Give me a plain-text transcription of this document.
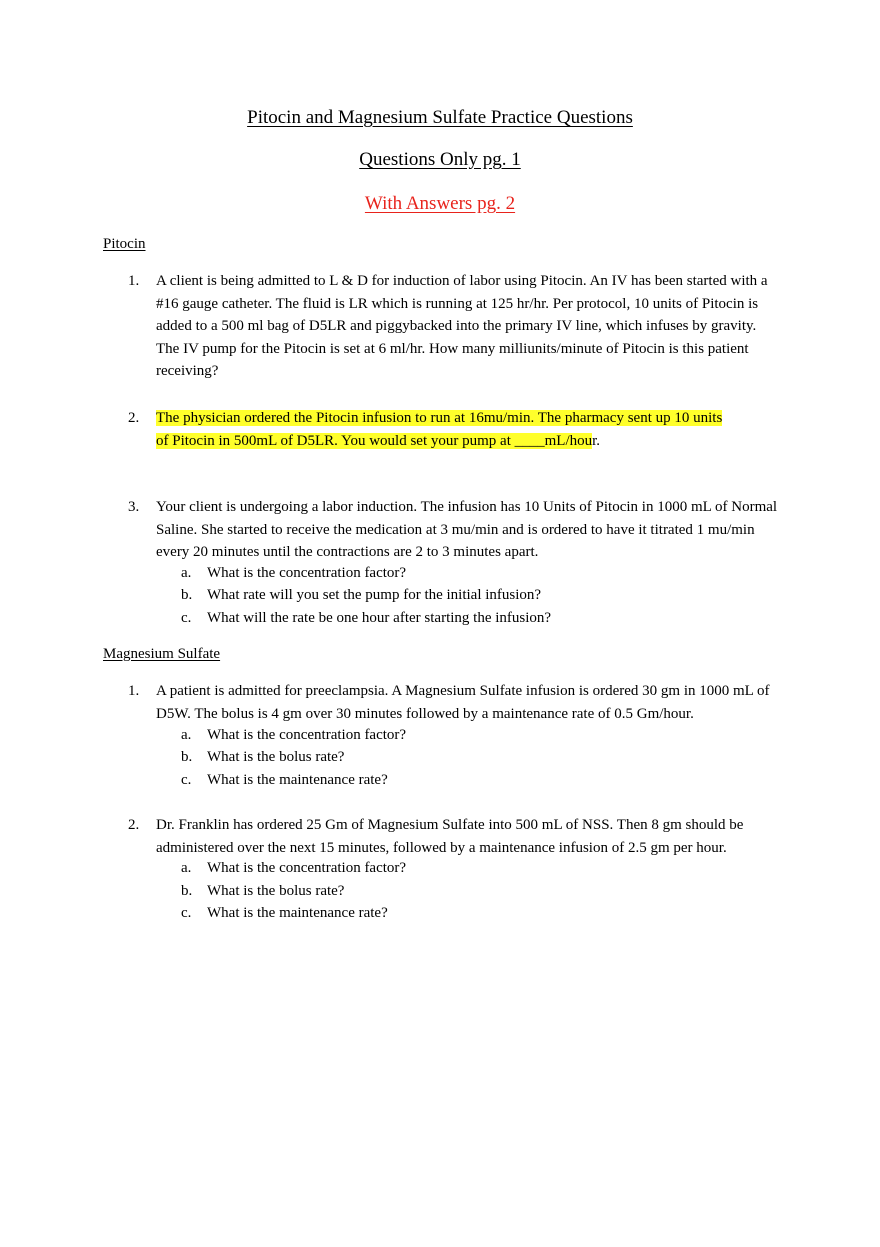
Pitocin and Magnesium Sulfate Practice Questions
Questions Only pg. 1
With Answers pg. 2
Pitocin
1. A client is being admitted to L & D for induction of labor using Pitocin. An IV has been started with a #16 gauge catheter. The fluid is LR which is running at 125 hr/hr. Per protocol, 10 units of Pitocin is added to a 500 ml bag of D5LR and piggybacked into the primary IV line, which infuses by gravity. The IV pump for the Pitocin is set at 6 ml/hr. How many milliunits/minute of Pitocin is this patient receiving?
2. The physician ordered the Pitocin infusion to run at 16mu/min. The pharmacy sent up 10 units
of Pitocin in 500mL of D5LR. You would set your pump at ____mL/hour.
3. Your client is undergoing a labor induction. The infusion has 10 Units of Pitocin in 1000 mL of Normal Saline. She started to receive the medication at 3 mu/min and is ordered to have it titrated 1 mu/min every 20 minutes until the contractions are 2 to 3 minutes apart.
a. What is the concentration factor?
b. What rate will you set the pump for the initial infusion?
c. What will the rate be one hour after starting the infusion?
Magnesium Sulfate
1. A patient is admitted for preeclampsia. A Magnesium Sulfate infusion is ordered 30 gm in 1000 mL of D5W. The bolus is 4 gm over 30 minutes followed by a maintenance rate of 0.5 Gm/hour.
a. What is the concentration factor?
b. What is the bolus rate?
c. What is the maintenance rate?
2. Dr. Franklin has ordered 25 Gm of Magnesium Sulfate into 500 mL of NSS. Then 8 gm should be administered over the next 15 minutes, followed by a maintenance infusion of 2.5 gm per hour.
a. What is the concentration factor?
b. What is the bolus rate?
c. What is the maintenance rate?
